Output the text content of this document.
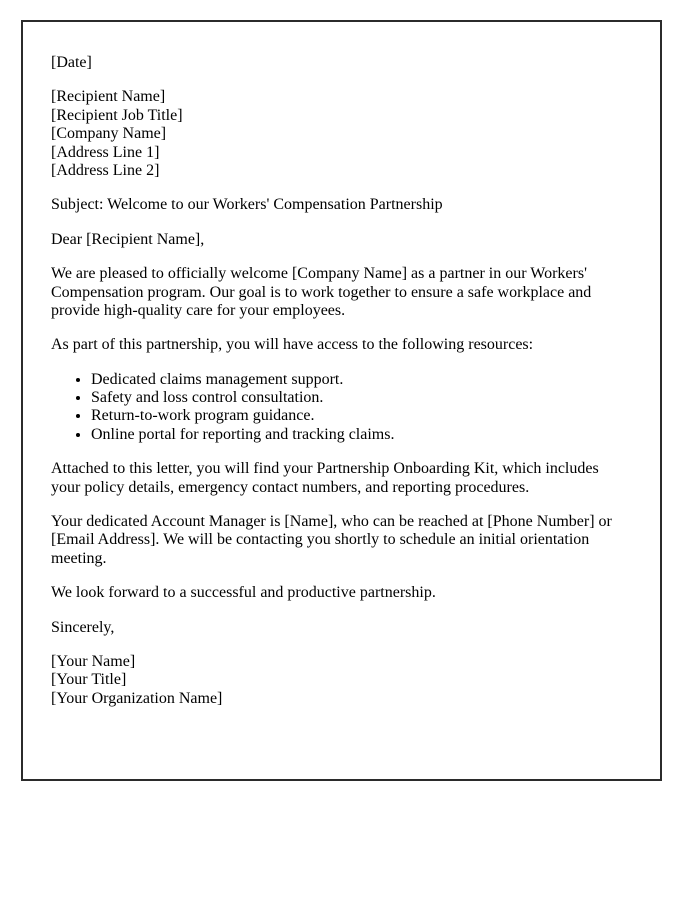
[Date]
[Recipient Name]
[Recipient Job Title]
[Company Name]
[Address Line 1]
[Address Line 2]
Subject: Welcome to our Workers' Compensation Partnership
Dear [Recipient Name],
We are pleased to officially welcome [Company Name] as a partner in our Workers' Compensation program. Our goal is to work together to ensure a safe workplace and provide high-quality care for your employees.
As part of this partnership, you will have access to the following resources:
• Dedicated claims management support.
• Safety and loss control consultation.
• Return-to-work program guidance.
• Online portal for reporting and tracking claims.
Attached to this letter, you will find your Partnership Onboarding Kit, which includes your policy details, emergency contact numbers, and reporting procedures.
Your dedicated Account Manager is [Name], who can be reached at [Phone Number] or [Email Address]. We will be contacting you shortly to schedule an initial orientation meeting.
We look forward to a successful and productive partnership.
Sincerely,
[Your Name]
[Your Title]
[Your Organization Name]
